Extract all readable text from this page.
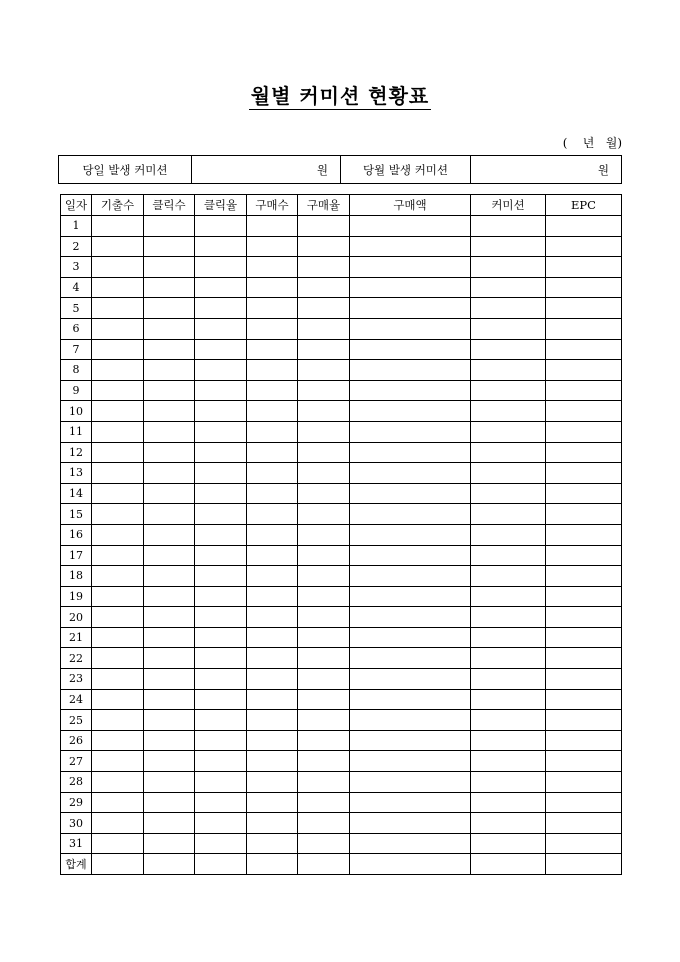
월별 커미션 현황표
(    년   월)
당일 발생 커미션	원	당월 발생 커미션	원
일자	기출수	클릭수	클릭율	구매수	구매율	구매액	커미션	EPC
1								
2								
3								
4								
5								
6								
7								
8								
9								
10								
11								
12								
13								
14								
15								
16								
17								
18								
19								
20								
21								
22								
23								
24								
25								
26								
27								
28								
29								
30								
31								
합계								
